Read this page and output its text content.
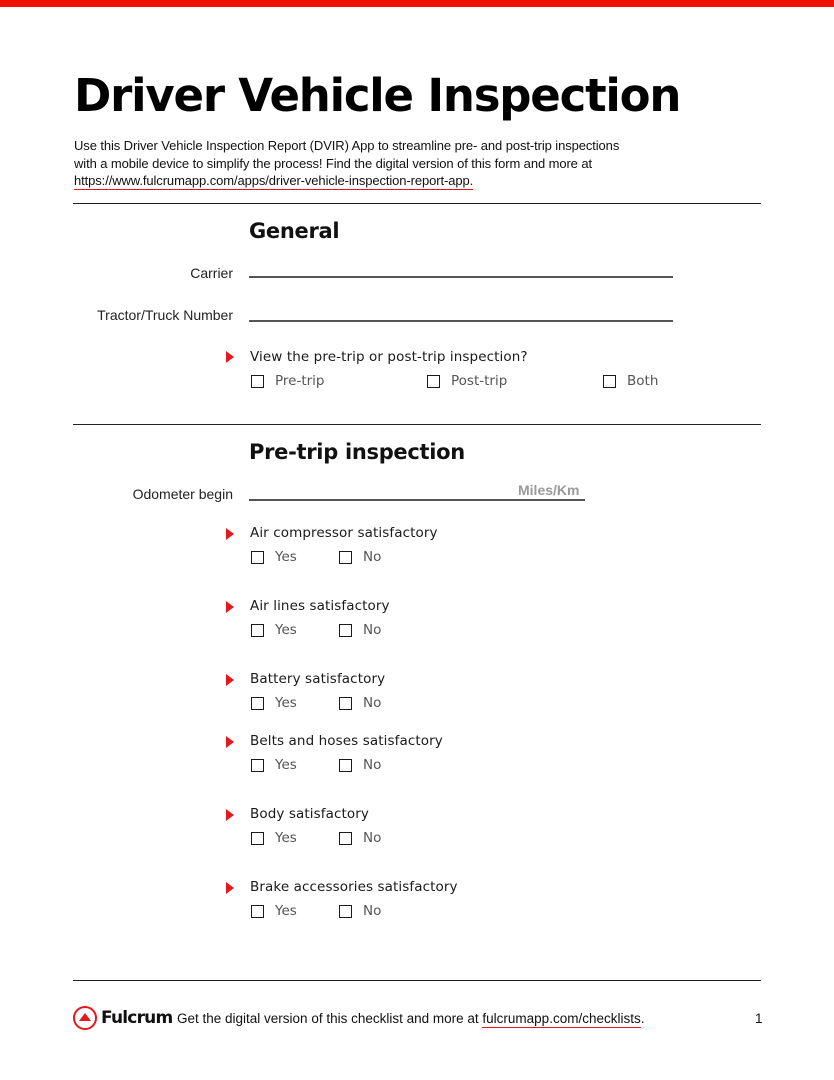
Driver Vehicle Inspection
Use this Driver Vehicle Inspection Report (DVIR) App to streamline pre- and post-trip inspections
with a mobile device to simplify the process! Find the digital version of this form and more at
https://www.fulcrumapp.com/apps/driver-vehicle-inspection-report-app.
General
Carrier
Tractor/Truck Number
View the pre-trip or post-trip inspection?
Pre-trip	Post-trip	Both
Pre-trip inspection
Odometer begin	Miles/Km
Air compressor satisfactory
Yes	No
Air lines satisfactory
Yes	No
Battery satisfactory
Yes	No
Belts and hoses satisfactory
Yes	No
Body satisfactory
Yes	No
Brake accessories satisfactory
Yes	No
Fulcrum Get the digital version of this checklist and more at fulcrumapp.com/checklists.	1
